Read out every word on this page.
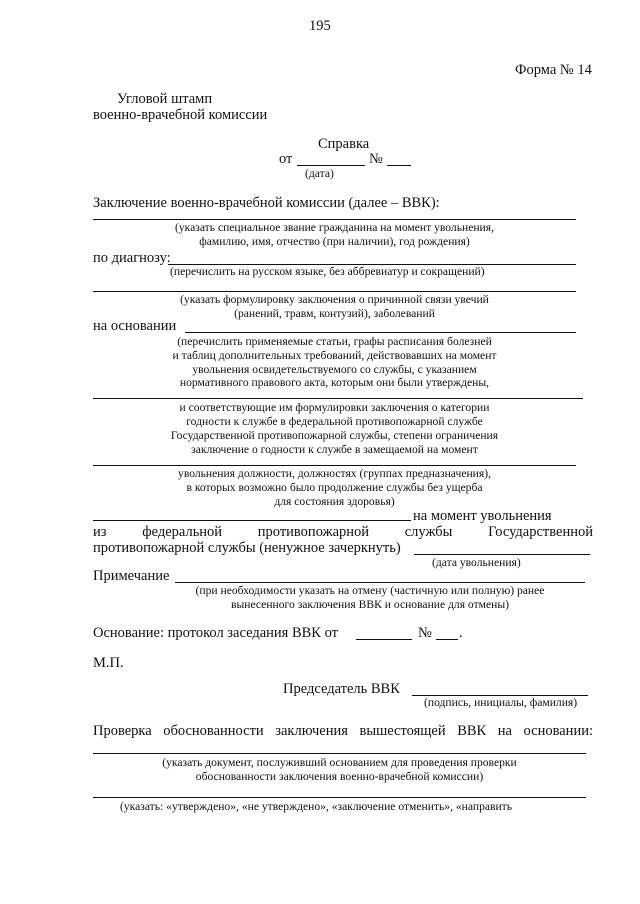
195
Форма № 14
Угловой штамп
военно-врачебной комиссии
Справка
от	№
(дата)
Заключение военно-врачебной комиссии (далее – ВВК):
(указать специальное звание гражданина на момент увольнения,
фамилию, имя, отчество (при наличии), год рождения)
по диагнозу:
(перечислить на русском языке, без аббревиатур и сокращений)
(указать формулировку заключения о причинной связи увечий
(ранений, травм, контузий), заболеваний
на основании
(перечислить применяемые статьи, графы расписания болезней
и таблиц дополнительных требований, действовавших на момент
увольнения освидетельствуемого со службы, с указанием
нормативного правового акта, которым они были утверждены,
и соответствующие им формулировки заключения о категории
годности к службе в федеральной противопожарной службе
Государственной противопожарной службы, степени ограничения
заключение о годности к службе в замещаемой на момент
увольнения должности, должностях (группах предназначения),
в которых возможно было продолжение службы без ущерба
для состояния здоровья)
на момент увольнения
из федеральной противопожарной службы Государственной
противопожарной службы (ненужное зачеркнуть)
(дата увольнения)
Примечание
(при необходимости указать на отмену (частичную или полную) ранее
вынесенного заключения ВВК и основание для отмены)
Основание: протокол заседания ВВК от	№ .
М.П.
Председатель ВВК
(подпись, инициалы, фамилия)
Проверка обоснованности заключения вышестоящей ВВК на основании:
(указать документ, послуживший основанием для проведения проверки
обоснованности заключения военно-врачебной комиссии)
(указать: «утверждено», «не утверждено», «заключение отменить», «направить
